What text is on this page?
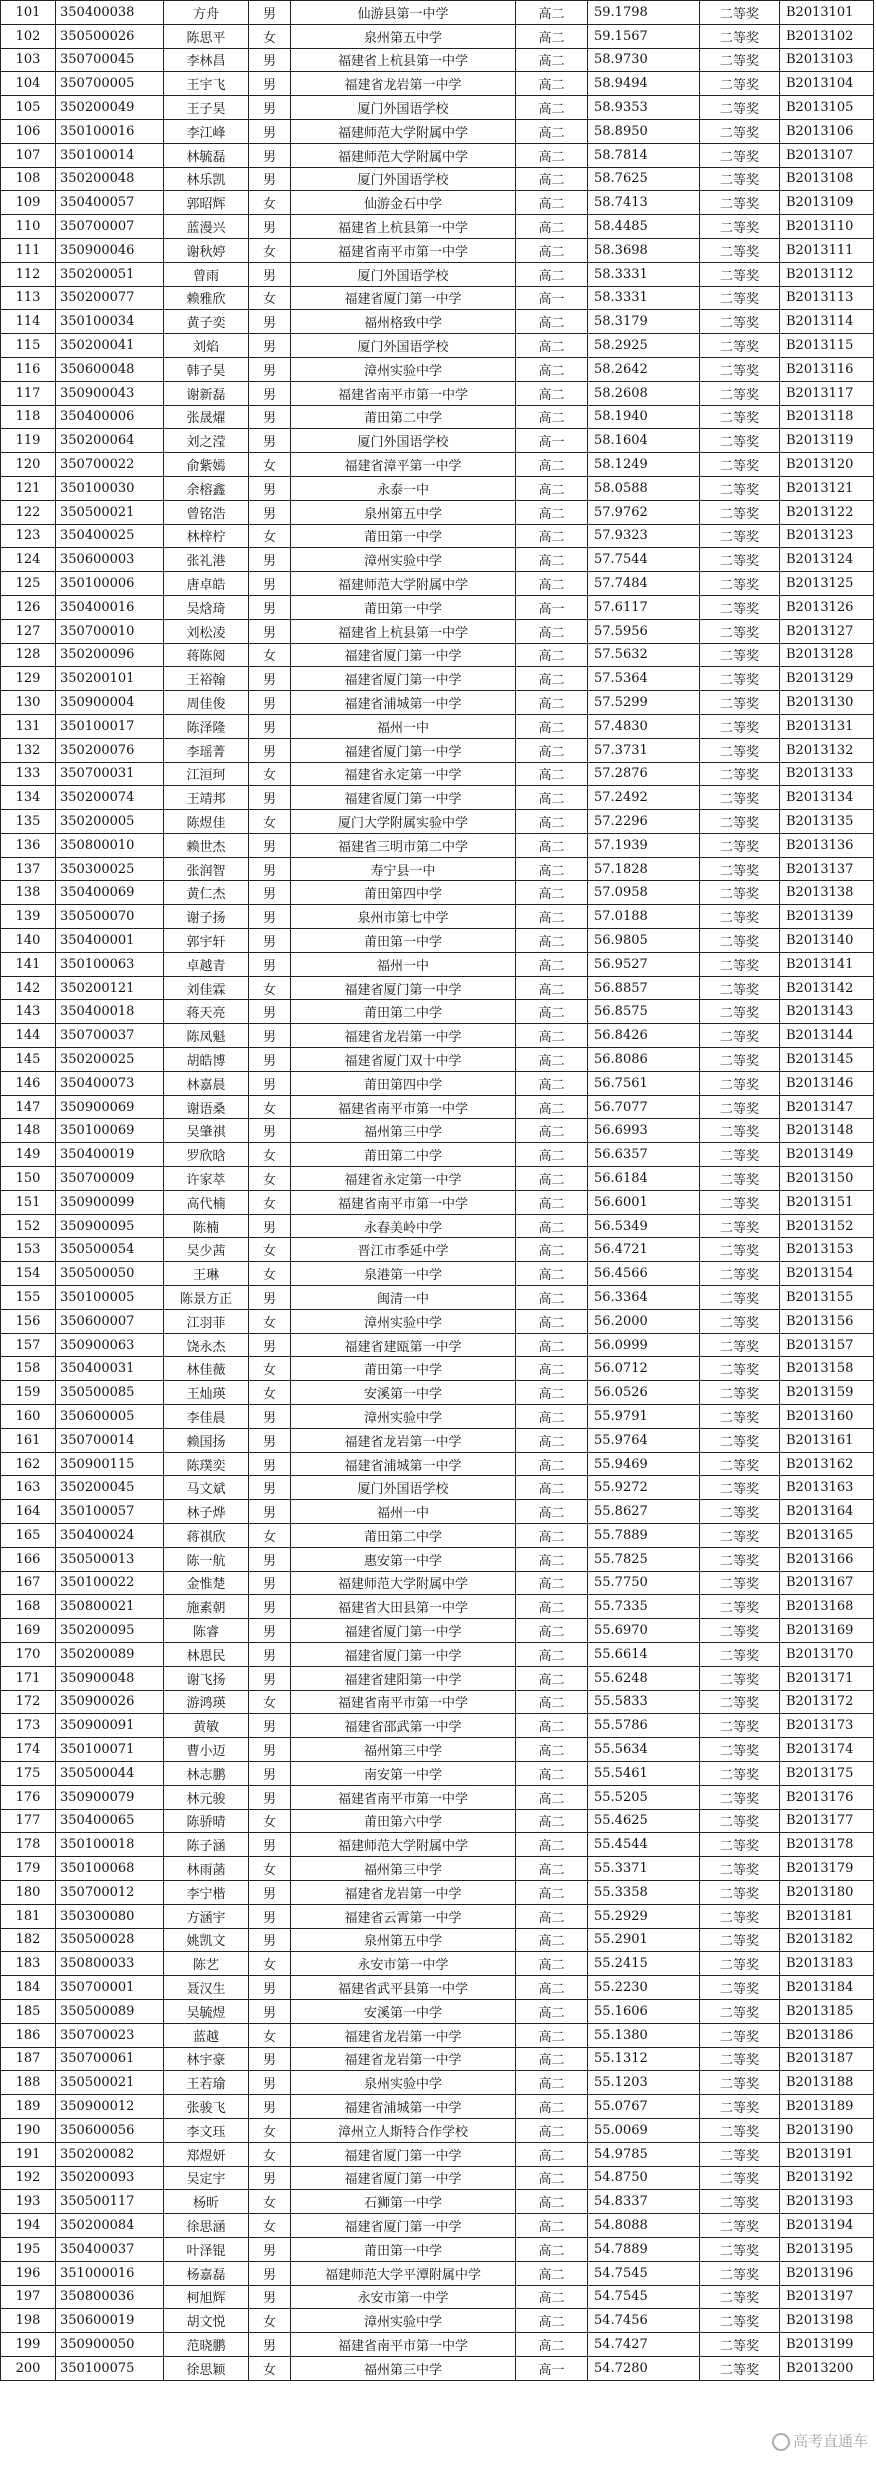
101	350400038	方舟	男	仙游县第一中学	高二	59.1798	二等奖	B2013101
102	350500026	陈思平	女	泉州第五中学	高二	59.1567	二等奖	B2013102
103	350700045	李林昌	男	福建省上杭县第一中学	高二	58.9730	二等奖	B2013103
104	350700005	王宇飞	男	福建省龙岩第一中学	高二	58.9494	二等奖	B2013104
105	350200049	王子昊	男	厦门外国语学校	高二	58.9353	二等奖	B2013105
106	350100016	李江峰	男	福建师范大学附属中学	高二	58.8950	二等奖	B2013106
107	350100014	林毓磊	男	福建师范大学附属中学	高二	58.7814	二等奖	B2013107
108	350200048	林乐凯	男	厦门外国语学校	高二	58.7625	二等奖	B2013108
109	350400057	郭昭辉	女	仙游金石中学	高二	58.7413	二等奖	B2013109
110	350700007	蓝漫兴	男	福建省上杭县第一中学	高二	58.4485	二等奖	B2013110
111	350900046	谢秋婷	女	福建省南平市第一中学	高二	58.3698	二等奖	B2013111
112	350200051	曾雨	男	厦门外国语学校	高二	58.3331	二等奖	B2013112
113	350200077	赖雅欣	女	福建省厦门第一中学	高一	58.3331	二等奖	B2013113
114	350100034	黄子奕	男	福州格致中学	高二	58.3179	二等奖	B2013114
115	350200041	刘焰	男	厦门外国语学校	高二	58.2925	二等奖	B2013115
116	350600048	韩子昊	男	漳州实验中学	高二	58.2642	二等奖	B2013116
117	350900043	谢新磊	男	福建省南平市第一中学	高二	58.2608	二等奖	B2013117
118	350400006	张晟燿	男	莆田第二中学	高二	58.1940	二等奖	B2013118
119	350200064	刘之滢	男	厦门外国语学校	高一	58.1604	二等奖	B2013119
120	350700022	俞紫嫣	女	福建省漳平第一中学	高二	58.1249	二等奖	B2013120
121	350100030	余榕鑫	男	永泰一中	高二	58.0588	二等奖	B2013121
122	350500021	曾铭浩	男	泉州第五中学	高二	57.9762	二等奖	B2013122
123	350400025	林梓柠	女	莆田第一中学	高二	57.9323	二等奖	B2013123
124	350600003	张礼港	男	漳州实验中学	高二	57.7544	二等奖	B2013124
125	350100006	唐卓皓	男	福建师范大学附属中学	高二	57.7484	二等奖	B2013125
126	350400016	吴焓琦	男	莆田第一中学	高一	57.6117	二等奖	B2013126
127	350700010	刘松凌	男	福建省上杭县第一中学	高二	57.5956	二等奖	B2013127
128	350200096	蒋陈阅	女	福建省厦门第一中学	高二	57.5632	二等奖	B2013128
129	350200101	王裕翰	男	福建省厦门第一中学	高二	57.5364	二等奖	B2013129
130	350900004	周佳俊	男	福建省浦城第一中学	高二	57.5299	二等奖	B2013130
131	350100017	陈泽隆	男	福州一中	高二	57.4830	二等奖	B2013131
132	350200076	李瑶菁	男	福建省厦门第一中学	高二	57.3731	二等奖	B2013132
133	350700031	江洹珂	女	福建省永定第一中学	高二	57.2876	二等奖	B2013133
134	350200074	王靖邦	男	福建省厦门第一中学	高二	57.2492	二等奖	B2013134
135	350200005	陈煜佳	女	厦门大学附属实验中学	高二	57.2296	二等奖	B2013135
136	350800010	赖世杰	男	福建省三明市第二中学	高二	57.1939	二等奖	B2013136
137	350300025	张润智	男	寿宁县一中	高二	57.1828	二等奖	B2013137
138	350400069	黄仁杰	男	莆田第四中学	高二	57.0958	二等奖	B2013138
139	350500070	谢子扬	男	泉州市第七中学	高二	57.0188	二等奖	B2013139
140	350400001	郭宇轩	男	莆田第一中学	高二	56.9805	二等奖	B2013140
141	350100063	卓越青	男	福州一中	高二	56.9527	二等奖	B2013141
142	350200121	刘佳霖	女	福建省厦门第一中学	高二	56.8857	二等奖	B2013142
143	350400018	蒋天亮	男	莆田第二中学	高二	56.8575	二等奖	B2013143
144	350700037	陈凤魁	男	福建省龙岩第一中学	高二	56.8426	二等奖	B2013144
145	350200025	胡皓博	男	福建省厦门双十中学	高二	56.8086	二等奖	B2013145
146	350400073	林嘉晨	男	莆田第四中学	高二	56.7561	二等奖	B2013146
147	350900069	谢语桑	女	福建省南平市第一中学	高二	56.7077	二等奖	B2013147
148	350100069	吴肇祺	男	福州第三中学	高二	56.6993	二等奖	B2013148
149	350400019	罗欣晗	女	莆田第二中学	高二	56.6357	二等奖	B2013149
150	350700009	许家萃	女	福建省永定第一中学	高二	56.6184	二等奖	B2013150
151	350900099	高代楠	女	福建省南平市第一中学	高二	56.6001	二等奖	B2013151
152	350900095	陈楠	男	永春美岭中学	高二	56.5349	二等奖	B2013152
153	350500054	吴少茜	女	晋江市季延中学	高二	56.4721	二等奖	B2013153
154	350500050	王琳	女	泉港第一中学	高二	56.4566	二等奖	B2013154
155	350100005	陈景方正	男	闽清一中	高二	56.3364	二等奖	B2013155
156	350600007	江羽菲	女	漳州实验中学	高二	56.2000	二等奖	B2013156
157	350900063	饶永杰	男	福建省建瓯第一中学	高二	56.0999	二等奖	B2013157
158	350400031	林佳薇	女	莆田第一中学	高二	56.0712	二等奖	B2013158
159	350500085	王灿瑛	女	安溪第一中学	高二	56.0526	二等奖	B2013159
160	350600005	李佳晨	男	漳州实验中学	高二	55.9791	二等奖	B2013160
161	350700014	赖国扬	男	福建省龙岩第一中学	高二	55.9764	二等奖	B2013161
162	350900115	陈璞奕	男	福建省浦城第一中学	高二	55.9469	二等奖	B2013162
163	350200045	马文斌	男	厦门外国语学校	高二	55.9272	二等奖	B2013163
164	350100057	林子烨	男	福州一中	高二	55.8627	二等奖	B2013164
165	350400024	蒋祺欣	女	莆田第二中学	高二	55.7889	二等奖	B2013165
166	350500013	陈一航	男	惠安第一中学	高二	55.7825	二等奖	B2013166
167	350100022	金惟楚	男	福建师范大学附属中学	高二	55.7750	二等奖	B2013167
168	350800021	施素朝	男	福建省大田县第一中学	高二	55.7335	二等奖	B2013168
169	350200095	陈睿	男	福建省厦门第一中学	高二	55.6970	二等奖	B2013169
170	350200089	林恩民	男	福建省厦门第一中学	高二	55.6614	二等奖	B2013170
171	350900048	谢飞扬	男	福建省建阳第一中学	高二	55.6248	二等奖	B2013171
172	350900026	游鸿瑛	女	福建省南平市第一中学	高二	55.5833	二等奖	B2013172
173	350900091	黄敏	男	福建省邵武第一中学	高二	55.5786	二等奖	B2013173
174	350100071	曹小迈	男	福州第三中学	高二	55.5634	二等奖	B2013174
175	350500044	林志鹏	男	南安第一中学	高二	55.5461	二等奖	B2013175
176	350900079	林元骏	男	福建省南平市第一中学	高二	55.5205	二等奖	B2013176
177	350400065	陈骄晴	女	莆田第六中学	高二	55.4625	二等奖	B2013177
178	350100018	陈子涵	男	福建师范大学附属中学	高二	55.4544	二等奖	B2013178
179	350100068	林雨菡	女	福州第三中学	高二	55.3371	二等奖	B2013179
180	350700012	李宁楷	男	福建省龙岩第一中学	高二	55.3358	二等奖	B2013180
181	350300080	方涵宇	男	福建省云霄第一中学	高二	55.2929	二等奖	B2013181
182	350500028	姚凯文	男	泉州第五中学	高二	55.2901	二等奖	B2013182
183	350800033	陈艺	女	永安市第一中学	高二	55.2415	二等奖	B2013183
184	350700001	聂汉生	男	福建省武平县第一中学	高二	55.2230	二等奖	B2013184
185	350500089	吴毓煜	男	安溪第一中学	高二	55.1606	二等奖	B2013185
186	350700023	蓝越	女	福建省龙岩第一中学	高二	55.1380	二等奖	B2013186
187	350700061	林宇豪	男	福建省龙岩第一中学	高二	55.1312	二等奖	B2013187
188	350500021	王若瑜	男	泉州实验中学	高二	55.1203	二等奖	B2013188
189	350900012	张骏飞	男	福建省浦城第一中学	高二	55.0767	二等奖	B2013189
190	350600056	李文珏	女	漳州立人斯特合作学校	高二	55.0069	二等奖	B2013190
191	350200082	郑煜妍	女	福建省厦门第一中学	高二	54.9785	二等奖	B2013191
192	350200093	吴定宇	男	福建省厦门第一中学	高二	54.8750	二等奖	B2013192
193	350500117	杨昕	女	石狮第一中学	高二	54.8337	二等奖	B2013193
194	350200084	徐思涵	女	福建省厦门第一中学	高二	54.8088	二等奖	B2013194
195	350400037	叶泽锟	男	莆田第一中学	高二	54.7889	二等奖	B2013195
196	351000016	杨嘉磊	男	福建师范大学平潭附属中学	高二	54.7545	二等奖	B2013196
197	350800036	柯旭辉	男	永安市第一中学	高二	54.7545	二等奖	B2013197
198	350600019	胡文悦	女	漳州实验中学	高二	54.7456	二等奖	B2013198
199	350900050	范晓鹏	男	福建省南平市第一中学	高二	54.7427	二等奖	B2013199
200	350100075	徐思颖	女	福州第三中学	高一	54.7280	二等奖	B2013200
高考直通车
